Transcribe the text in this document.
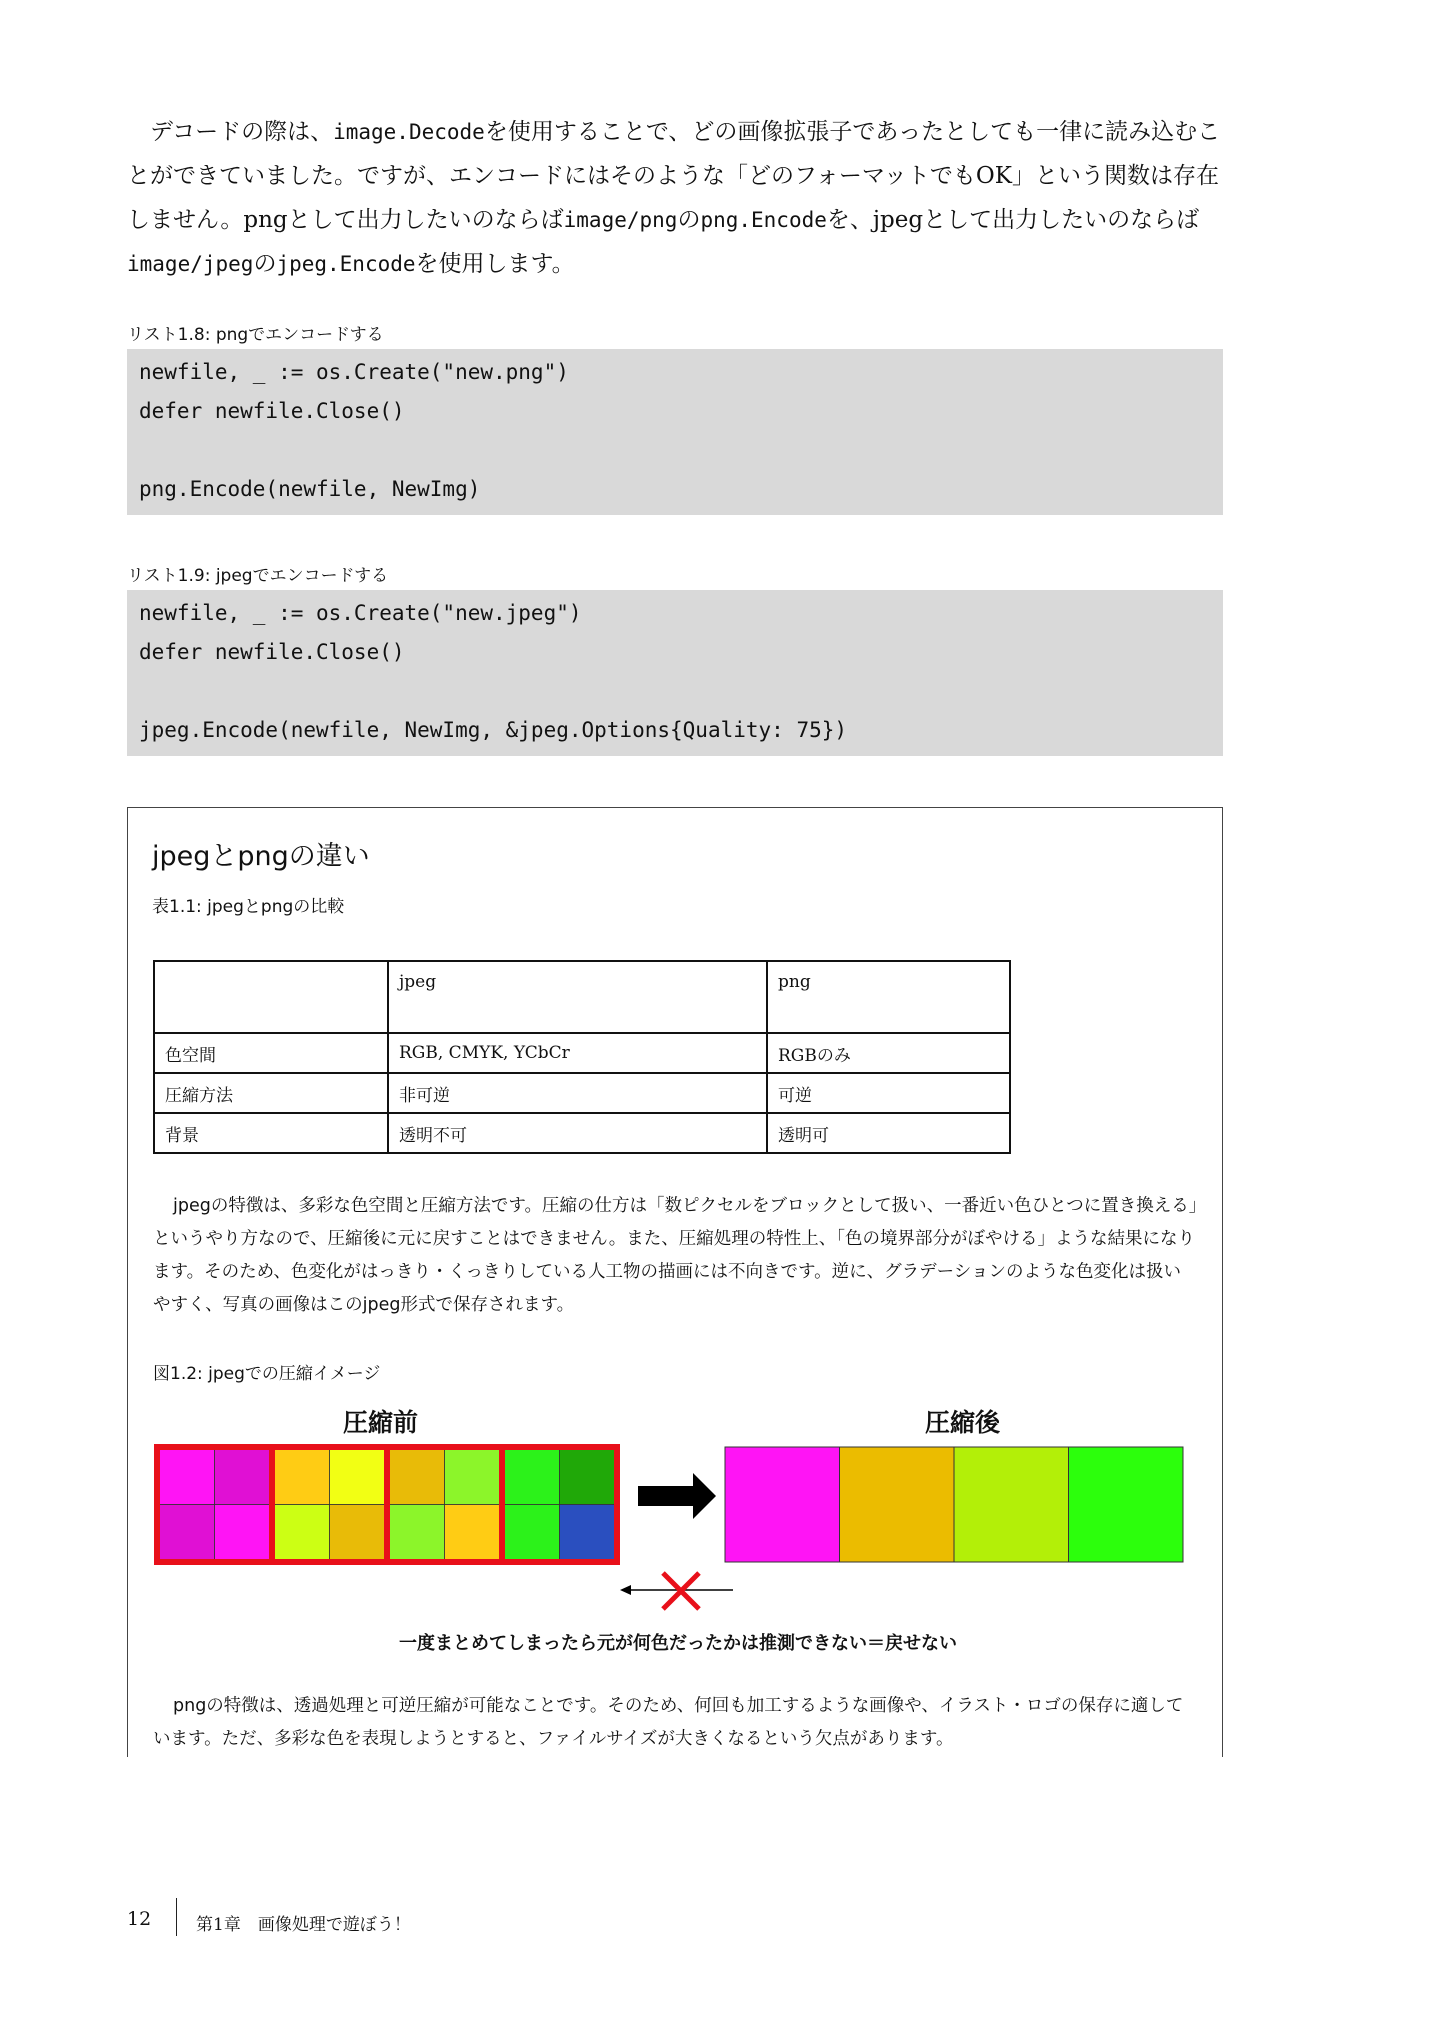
デコードの際は、image.Decodeを使用することで、どの画像拡張子であったとしても一律に読み込むことができていました。ですが、エンコードにはそのような「どのフォーマットでもOK」という関数は存在しません。pngとして出力したいのならばimage/pngのpng.Encodeを、jpegとして出力したいのならばimage/jpegのjpeg.Encodeを使用します。

リスト1.8: pngでエンコードする
newfile, _ := os.Create("new.png")
defer newfile.Close()
png.Encode(newfile, NewImg)
リスト1.9: jpegでエンコードする
newfile, _ := os.Create("new.jpeg")
defer newfile.Close()
jpeg.Encode(newfile, NewImg, &jpeg.Options{Quality: 75})
jpegとpngの違い
表1.1: jpegとpngの比較
	jpeg	png
色空間	RGB, CMYK, YCbCr	RGBのみ
圧縮方法	非可逆	可逆
背景	透明不可	透明可

jpegの特徴は、多彩な色空間と圧縮方法です。圧縮の仕方は「数ピクセルをブロックとして扱い、一番近い色ひとつに置き換える」というやり方なので、圧縮後に元に戻すことはできません。また、圧縮処理の特性上、「色の境界部分がぼやける」ような結果になります。そのため、色変化がはっきり・くっきりしている人工物の描画には不向きです。逆に、グラデーションのような色変化は扱いやすく、写真の画像はこのjpeg形式で保存されます。

図1.2: jpegでの圧縮イメージ
圧縮前	圧縮後
一度まとめてしまったら元が何色だったかは推測できない＝戻せない

pngの特徴は、透過処理と可逆圧縮が可能なことです。そのため、何回も加工するような画像や、イラスト・ロゴの保存に適しています。ただ、多彩な色を表現しようとすると、ファイルサイズが大きくなるという欠点があります。

12	第1章　画像処理で遊ぼう！
